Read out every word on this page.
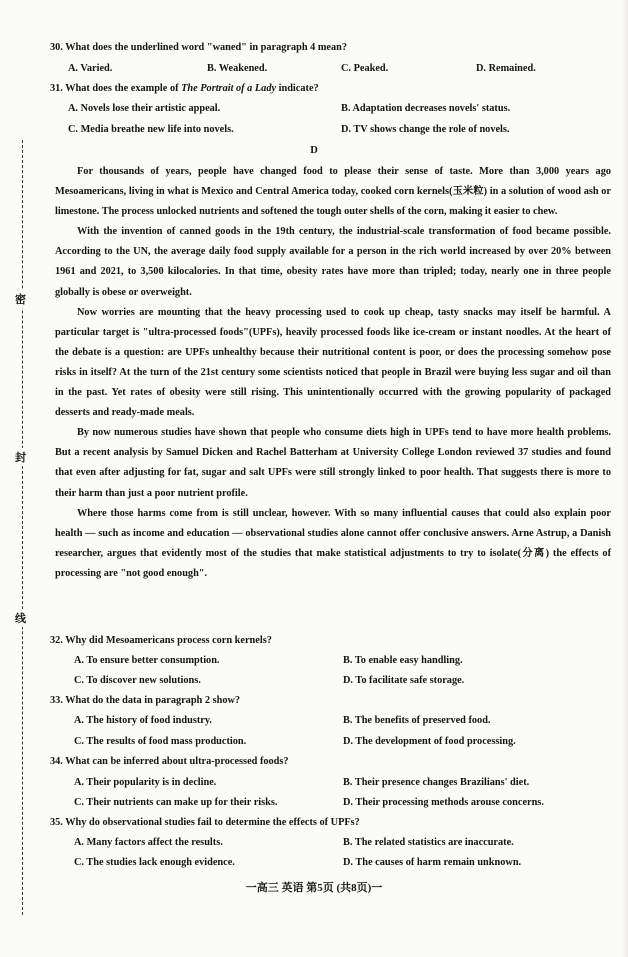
密
封
线
30. What does the underlined word "waned" in paragraph 4 mean?
A. Varied.	B. Weakened.	C. Peaked.	D. Remained.
31. What does the example of The Portrait of a Lady indicate?
A. Novels lose their artistic appeal.	B. Adaptation decreases novels' status.
C. Media breathe new life into novels.	D. TV shows change the role of novels.
D

For thousands of years, people have changed food to please their sense of taste. More than 3,000 years ago Mesoamericans, living in what is Mexico and Central America today, cooked corn kernels(玉米粒) in a solution of wood ash or limestone. The process unlocked nutrients and softened the tough outer shells of the corn, making it easier to chew.

With the invention of canned goods in the 19th century, the industrial-scale transformation of food became possible. According to the UN, the average daily food supply available for a person in the rich world increased by over 20% between 1961 and 2021, to 3,500 kilocalories. In that time, obesity rates have more than tripled; today, nearly one in three people globally is obese or overweight.

Now worries are mounting that the heavy processing used to cook up cheap, tasty snacks may itself be harmful. A particular target is "ultra-processed foods"(UPFs), heavily processed foods like ice-cream or instant noodles. At the heart of the debate is a question: are UPFs unhealthy because their nutritional content is poor, or does the processing somehow pose risks in itself? At the turn of the 21st century some scientists noticed that people in Brazil were buying less sugar and oil than in the past. Yet rates of obesity were still rising. This unintentionally occurred with the growing popularity of packaged desserts and ready-made meals.

By now numerous studies have shown that people who consume diets high in UPFs tend to have more health problems. But a recent analysis by Samuel Dicken and Rachel Batterham at University College London reviewed 37 studies and found that even after adjusting for fat, sugar and salt UPFs were still strongly linked to poor health. That suggests there is more to their harm than just a poor nutrient profile.

Where those harms come from is still unclear, however. With so many influential causes that could also explain poor health — such as income and education — observational studies alone cannot offer conclusive answers. Arne Astrup, a Danish researcher, argues that evidently most of the studies that make statistical adjustments to try to isolate(分离) the effects of processing are "not good enough".

32. Why did Mesoamericans process corn kernels?
A. To ensure better consumption.	B. To enable easy handling.
C. To discover new solutions.	D. To facilitate safe storage.
33. What do the data in paragraph 2 show?
A. The history of food industry.	B. The benefits of preserved food.
C. The results of food mass production.	D. The development of food processing.
34. What can be inferred about ultra-processed foods?
A. Their popularity is in decline.	B. Their presence changes Brazilians' diet.
C. Their nutrients can make up for their risks.	D. Their processing methods arouse concerns.
35. Why do observational studies fail to determine the effects of UPFs?
A. Many factors affect the results.	B. The related statistics are inaccurate.
C. The studies lack enough evidence.	D. The causes of harm remain unknown.
一高三 英语 第5页 (共8页)一
